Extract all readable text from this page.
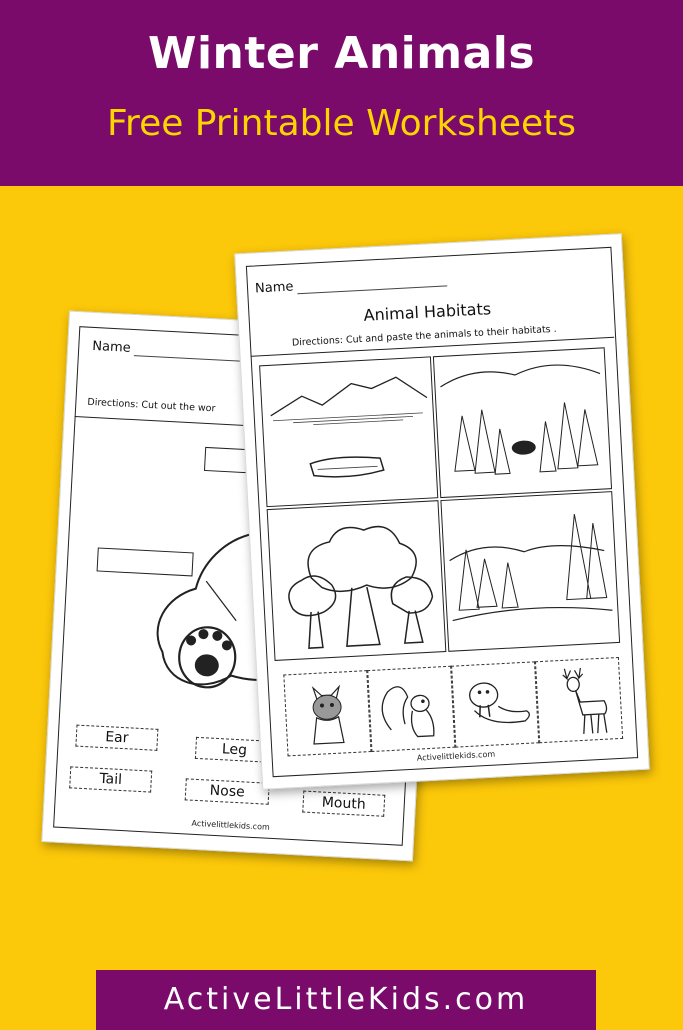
Winter Animals
Free Printable Worksheets
Name
Directions: Cut out the wor
Ear
Leg
Tail
Nose
Mouth
Activelittlekids.com
Name
Animal Habitats
Directions: Cut and paste the animals to their habitats .
Activelittlekids.com
ActiveLittleKids.com
